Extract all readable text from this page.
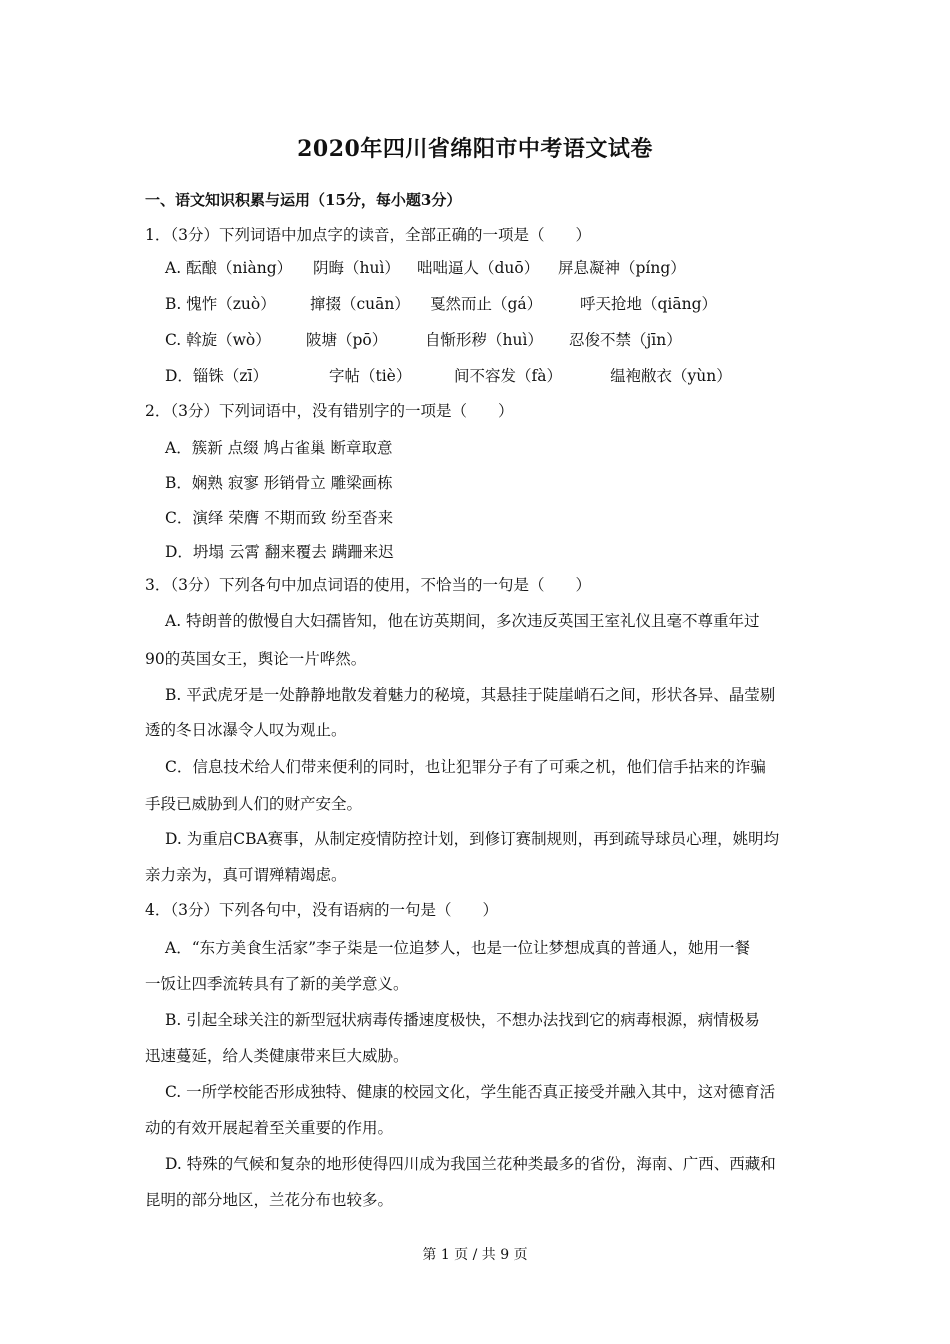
2020年四川省绵阳市中考语文试卷
一、语文知识积累与运用（15分，每小题3分）
1．（3分）下列词语中加点字的读音，全部正确的一项是（　　）
A. 酝酿（niàng） 阴晦（huì） 咄咄逼人（duō） 屏息凝神（píng）
B. 愧怍（zuò） 撺掇（cuān） 戛然而止（gá） 呼天抢地（qiāng）
C. 斡旋（wò） 陂塘（pō） 自惭形秽（huì） 忍俊不禁（jīn）
D．锱铢（zī）	字帖（tiè）	间不容发（fà）	缊袍敝衣（yùn）
2．（3分）下列词语中，没有错别字的一项是（　　）
A．簇新 点缀 鸠占雀巢 断章取意
B．娴熟 寂寥 形销骨立 雕梁画栋
C．演绎 荣膺 不期而致 纷至沓来
D．坍塌 云霄 翻来覆去 蹒跚来迟
3．（3分）下列各句中加点词语的使用，不恰当的一句是（　　）
A. 特朗普的傲慢自大妇孺皆知，他在访英期间，多次违反英国王室礼仪且毫不尊重年过
90的英国女王，舆论一片哗然。
B. 平武虎牙是一处静静地散发着魅力的秘境，其悬挂于陡崖峭石之间，形状各异、晶莹剔
透的冬日冰瀑令人叹为观止。
C．信息技术给人们带来便利的同时，也让犯罪分子有了可乘之机，他们信手拈来的诈骗
手段已威胁到人们的财产安全。
D. 为重启CBA赛事，从制定疫情防控计划，到修订赛制规则，再到疏导球员心理，姚明均
亲力亲为，真可谓殚精竭虑。
4．（3分）下列各句中，没有语病的一句是（　　）
A．“东方美食生活家”李子柒是一位追梦人，也是一位让梦想成真的普通人，她用一餐
一饭让四季流转具有了新的美学意义。
B. 引起全球关注的新型冠状病毒传播速度极快，不想办法找到它的病毒根源，病情极易
迅速蔓延，给人类健康带来巨大威胁。
C. 一所学校能否形成独特、健康的校园文化，学生能否真正接受并融入其中，这对德育活
动的有效开展起着至关重要的作用。
D. 特殊的气候和复杂的地形使得四川成为我国兰花种类最多的省份，海南、广西、西藏和
昆明的部分地区，兰花分布也较多。
第 1 页 / 共 9 页
